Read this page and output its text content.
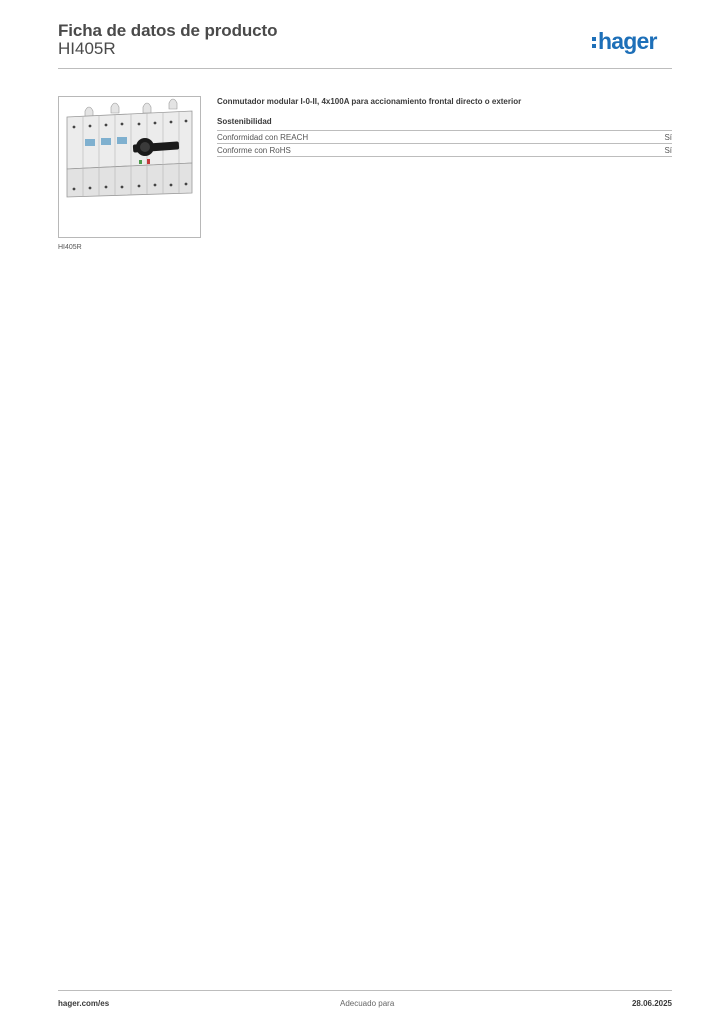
Ficha de datos de producto
HI405R	hager
HI405R
Conmutador modular I-0-II, 4x100A para accionamiento frontal directo o exterior
Sostenibilidad
Conformidad con REACH	Sí
Conforme con RoHS	Sí
hager.com/es	Adecuado para	28.06.2025
